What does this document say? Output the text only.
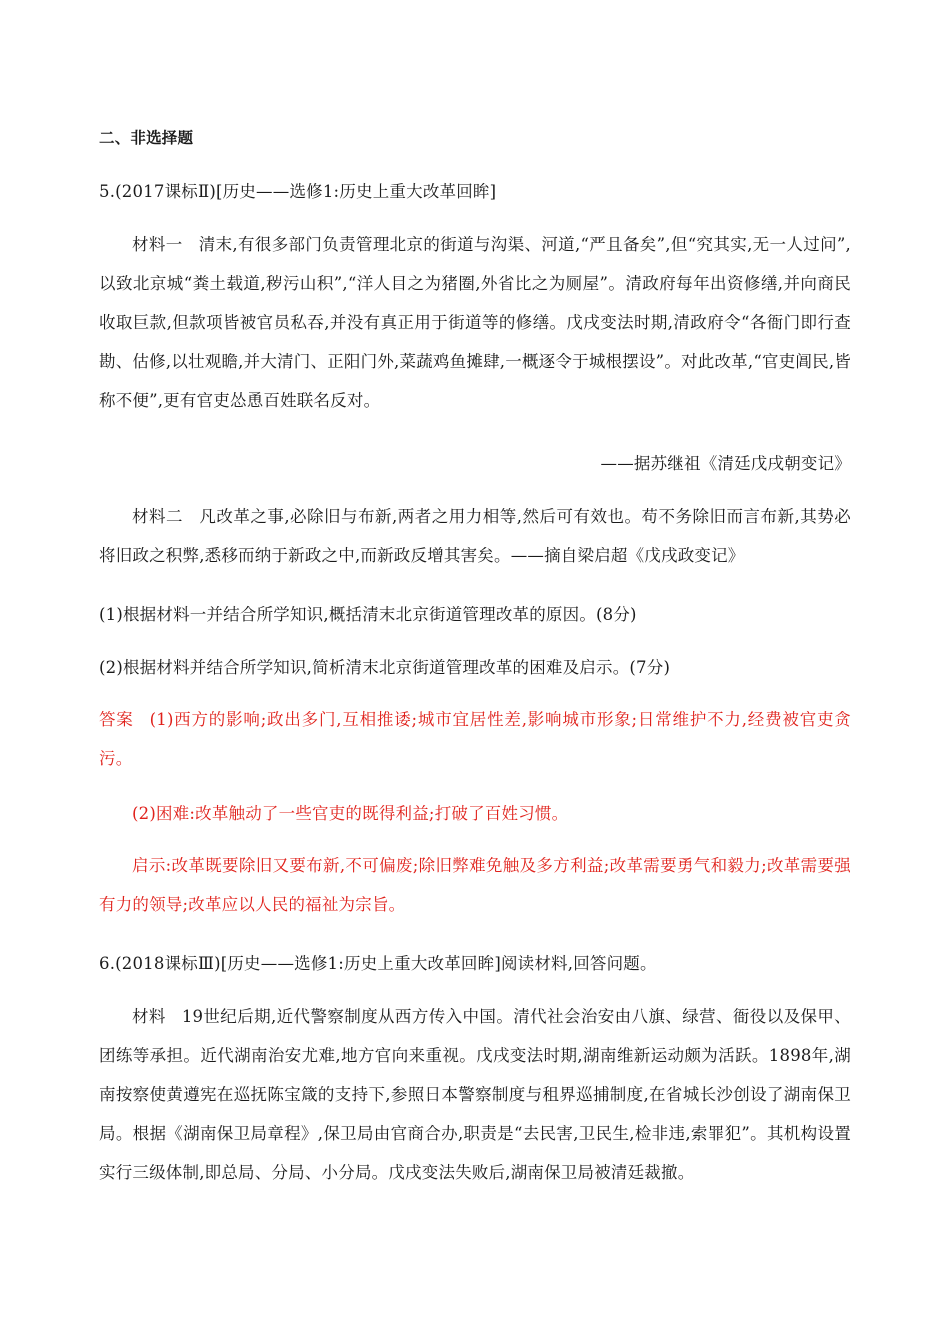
二、非选择题
5.(2017课标Ⅱ)[历史——选修1:历史上重大改革回眸]
材料一 清末,有很多部门负责管理北京的街道与沟渠、河道,“严且备矣”,但“究其实,无一人过问”,以致北京城“粪土载道,秽污山积”,“洋人目之为猪圈,外省比之为厕屋”。清政府每年出资修缮,并向商民收取巨款,但款项皆被官员私吞,并没有真正用于街道等的修缮。戊戌变法时期,清政府令“各衙门即行查勘、估修,以壮观瞻,并大清门、正阳门外,菜蔬鸡鱼摊肆,一概逐令于城根摆设”。对此改革,“官吏阊民,皆称不便”,更有官吏怂恿百姓联名反对。
——据苏继祖《清廷戊戌朝变记》
材料二 凡改革之事,必除旧与布新,两者之用力相等,然后可有效也。苟不务除旧而言布新,其势必将旧政之积弊,悉移而纳于新政之中,而新政反增其害矣。——摘自梁启超《戊戌政变记》
(1)根据材料一并结合所学知识,概括清末北京街道管理改革的原因。(8分)
(2)根据材料并结合所学知识,简析清末北京街道管理改革的困难及启示。(7分)
答案 (1)西方的影响;政出多门,互相推诿;城市宜居性差,影响城市形象;日常维护不力,经费被官吏贪污。
(2)困难:改革触动了一些官吏的既得利益;打破了百姓习惯。
启示:改革既要除旧又要布新,不可偏废;除旧弊难免触及多方利益;改革需要勇气和毅力;改革需要强有力的领导;改革应以人民的福祉为宗旨。
6.(2018课标Ⅲ)[历史——选修1:历史上重大改革回眸]阅读材料,回答问题。
材料 19世纪后期,近代警察制度从西方传入中国。清代社会治安由八旗、绿营、衙役以及保甲、团练等承担。近代湖南治安尤难,地方官向来重视。戊戌变法时期,湖南维新运动颇为活跃。1898年,湖南按察使黄遵宪在巡抚陈宝箴的支持下,参照日本警察制度与租界巡捕制度,在省城长沙创设了湖南保卫局。根据《湖南保卫局章程》,保卫局由官商合办,职责是“去民害,卫民生,检非违,索罪犯”。其机构设置实行三级体制,即总局、分局、小分局。戊戌变法失败后,湖南保卫局被清廷裁撤。
